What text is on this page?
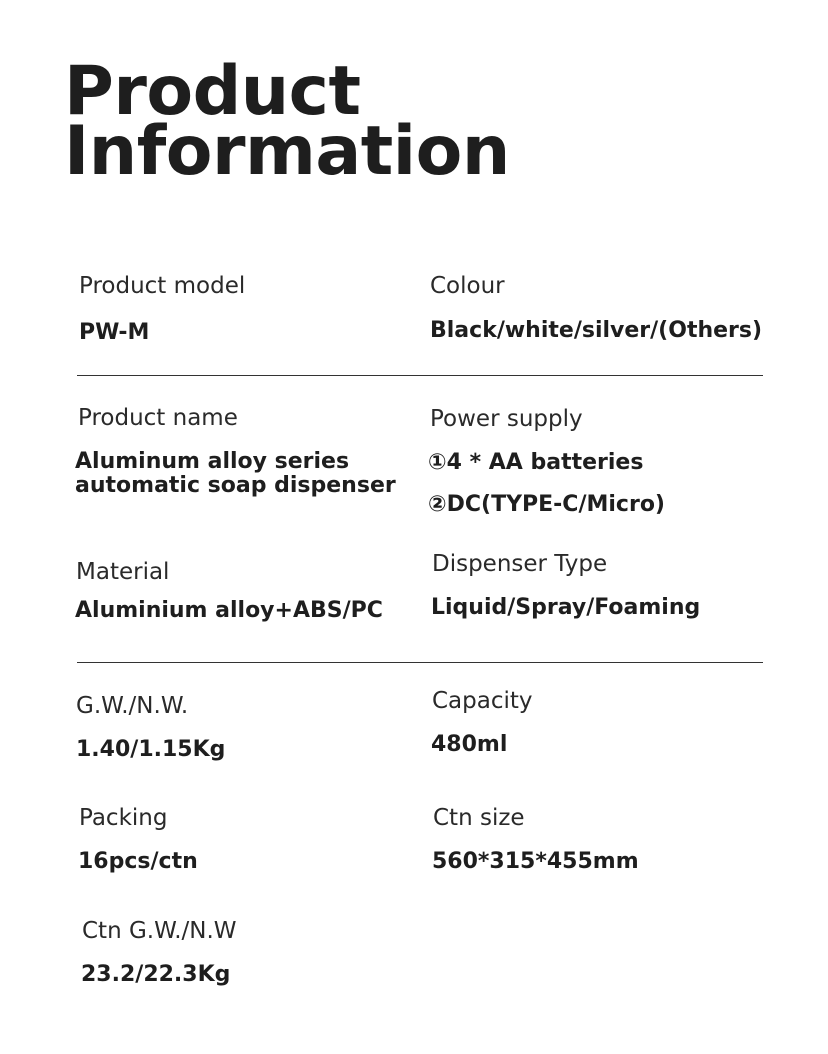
Product
Information
Product model
PW-M
Colour
Black/white/silver/(Others)
Product name
Aluminum alloy series
automatic soap dispenser
Power supply
①4 * AA batteries
②DC(TYPE-C/Micro)
Material
Aluminium alloy+ABS/PC
Dispenser Type
Liquid/Spray/Foaming
G.W./N.W.
1.40/1.15Kg
Capacity
480ml
Packing
16pcs/ctn
Ctn size
560*315*455mm
Ctn G.W./N.W
23.2/22.3Kg
